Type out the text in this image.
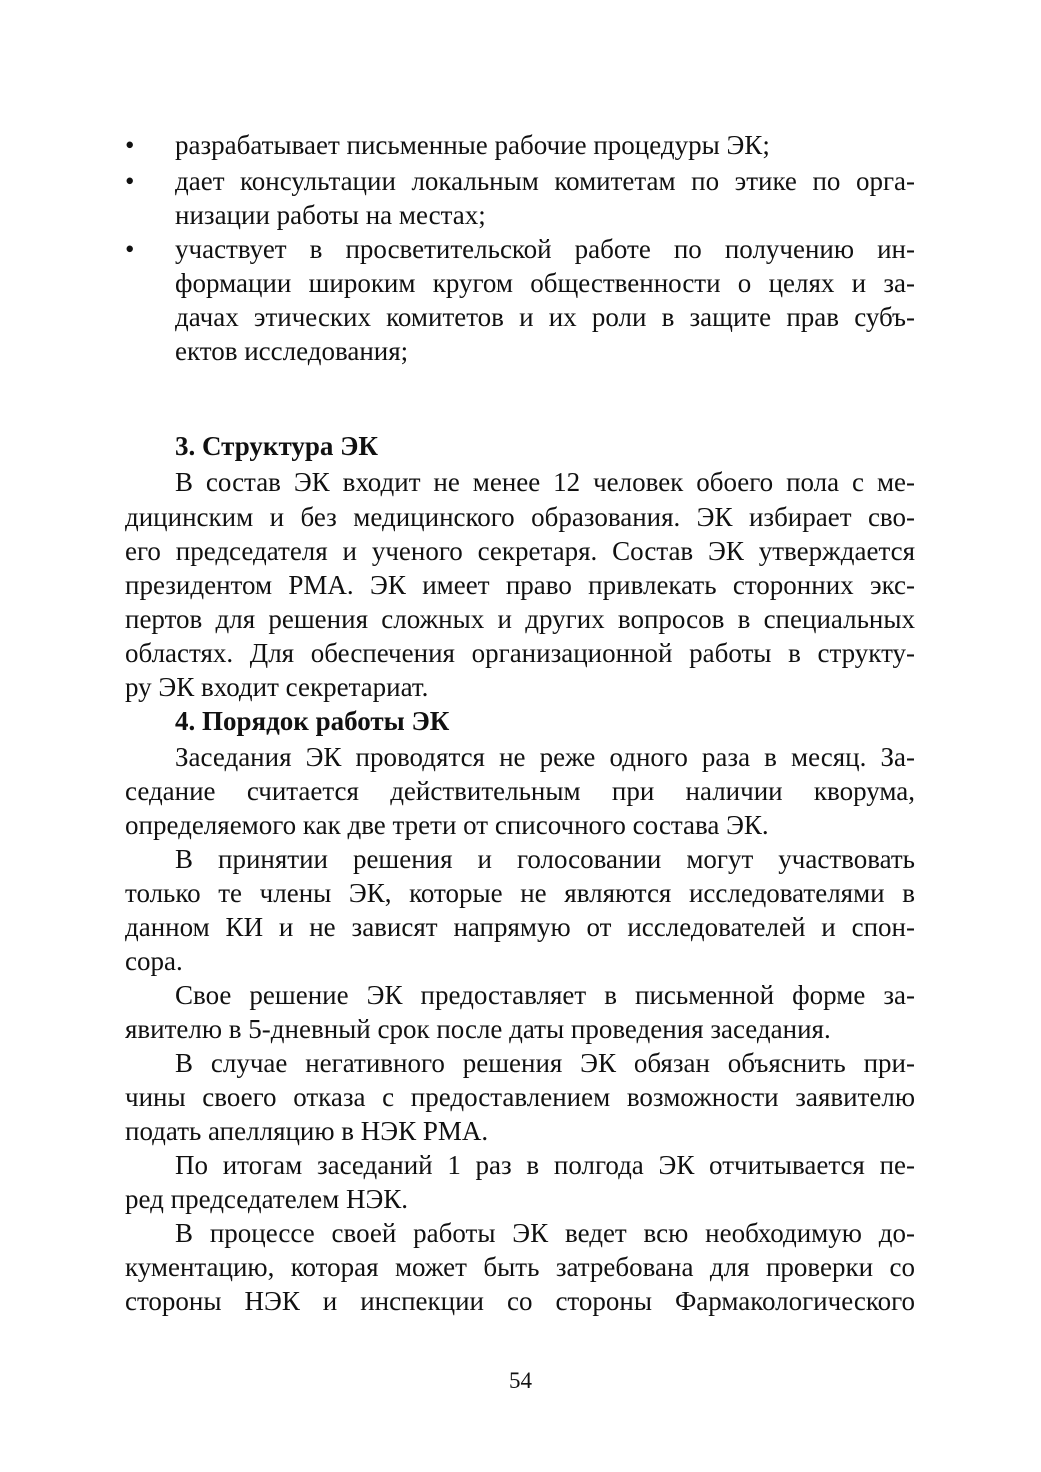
•	разрабатывает письменные рабочие процедуры ЭК;
•	дает консультации локальным комитетам по этике по орга-
низации работы на местах;
•	участвует в просветительской работе по получению ин-
формации широким кругом общественности о целях и за-
дачах этических комитетов и их роли в защите прав субъ-
ектов исследования;
3. Структура ЭК
В состав ЭК входит не менее 12 человек обоего пола с ме-
дицинским и без медицинского образования. ЭК избирает сво-
его председателя и ученого секретаря. Состав ЭК утверждается
президентом РМА. ЭК имеет право привлекать сторонних экс-
пертов для решения сложных и других вопросов в специальных
областях. Для обеспечения организационной работы в структу-
ру ЭК входит секретариат.
4. Порядок работы ЭК
Заседания ЭК проводятся не реже одного раза в месяц. За-
седание считается действительным при наличии кворума,
определяемого как две трети от списочного состава ЭК.
В принятии решения и голосовании могут участвовать
только те члены ЭК, которые не являются исследователями в
данном КИ и не зависят напрямую от исследователей и спон-
сора.
Свое решение ЭК предоставляет в письменной форме за-
явителю в 5-дневный срок после даты проведения заседания.
В случае негативного решения ЭК обязан объяснить при-
чины своего отказа с предоставлением возможности заявителю
подать апелляцию в НЭК РМА.
По итогам заседаний 1 раз в полгода ЭК отчитывается пе-
ред председателем НЭК.
В процессе своей работы ЭК ведет всю необходимую до-
кументацию, которая может быть затребована для проверки со
стороны НЭК и инспекции со стороны Фармакологического
54
